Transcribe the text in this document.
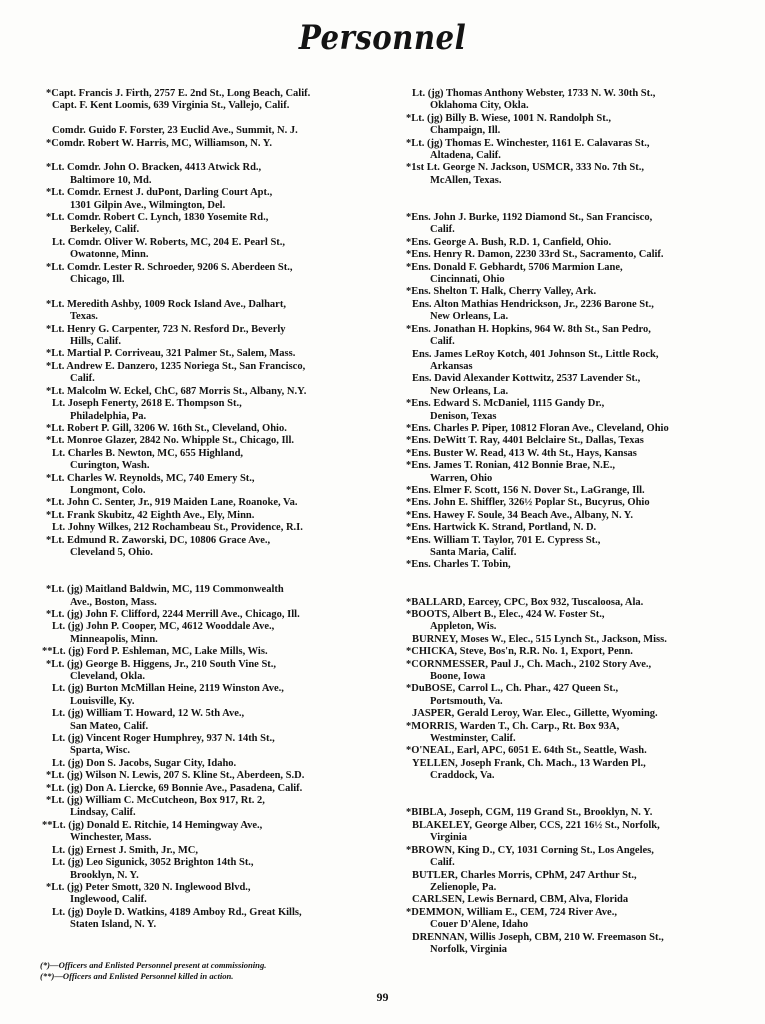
Personnel
*Capt. Francis J. Firth, 2757 E. 2nd St., Long Beach, Calif.
Capt. F. Kent Loomis, 639 Virginia St., Vallejo, Calif.
Comdr. Guido F. Forster, 23 Euclid Ave., Summit, N. J.
*Comdr. Robert W. Harris, MC, Williamson, N. Y.
*Lt. Comdr. John O. Bracken, 4413 Atwick Rd.,
Baltimore 10, Md.
*Lt. Comdr. Ernest J. duPont, Darling Court Apt.,
1301 Gilpin Ave., Wilmington, Del.
*Lt. Comdr. Robert C. Lynch, 1830 Yosemite Rd.,
Berkeley, Calif.
Lt. Comdr. Oliver W. Roberts, MC, 204 E. Pearl St.,
Owatonne, Minn.
*Lt. Comdr. Lester R. Schroeder, 9206 S. Aberdeen St.,
Chicago, Ill.
*Lt. Meredith Ashby, 1009 Rock Island Ave., Dalhart,
Texas.
*Lt. Henry G. Carpenter, 723 N. Resford Dr., Beverly
Hills, Calif.
*Lt. Martial P. Corriveau, 321 Palmer St., Salem, Mass.
*Lt. Andrew E. Danzero, 1235 Noriega St., San Francisco,
Calif.
*Lt. Malcolm W. Eckel, ChC, 687 Morris St., Albany, N.Y.
Lt. Joseph Fenerty, 2618 E. Thompson St.,
Philadelphia, Pa.
*Lt. Robert P. Gill, 3206 W. 16th St., Cleveland, Ohio.
*Lt. Monroe Glazer, 2842 No. Whipple St., Chicago, Ill.
Lt. Charles B. Newton, MC, 655 Highland,
Curington, Wash.
*Lt. Charles W. Reynolds, MC, 740 Emery St.,
Longmont, Colo.
*Lt. John C. Senter, Jr., 919 Maiden Lane, Roanoke, Va.
*Lt. Frank Skubitz, 42 Eighth Ave., Ely, Minn.
Lt. Johny Wilkes, 212 Rochambeau St., Providence, R.I.
*Lt. Edmund R. Zaworski, DC, 10806 Grace Ave.,
Cleveland 5, Ohio.
*Lt. (jg) Maitland Baldwin, MC, 119 Commonwealth
Ave., Boston, Mass.
*Lt. (jg) John F. Clifford, 2244 Merrill Ave., Chicago, Ill.
Lt. (jg) John P. Cooper, MC, 4612 Wooddale Ave.,
Minneapolis, Minn.
**Lt. (jg) Ford P. Eshleman, MC, Lake Mills, Wis.
*Lt. (jg) George B. Higgens, Jr., 210 South Vine St.,
Cleveland, Okla.
Lt. (jg) Burton McMillan Heine, 2119 Winston Ave.,
Louisville, Ky.
Lt. (jg) William T. Howard, 12 W. 5th Ave.,
San Mateo, Calif.
Lt. (jg) Vincent Roger Humphrey, 937 N. 14th St.,
Sparta, Wisc.
Lt. (jg) Don S. Jacobs, Sugar City, Idaho.
*Lt. (jg) Wilson N. Lewis, 207 S. Kline St., Aberdeen, S.D.
*Lt. (jg) Don A. Liercke, 69 Bonnie Ave., Pasadena, Calif.
*Lt. (jg) William C. McCutcheon, Box 917, Rt. 2,
Lindsay, Calif.
**Lt. (jg) Donald E. Ritchie, 14 Hemingway Ave.,
Winchester, Mass.
Lt. (jg) Ernest J. Smith, Jr., MC,
Lt. (jg) Leo Sigunick, 3052 Brighton 14th St.,
Brooklyn, N. Y.
*Lt. (jg) Peter Smott, 320 N. Inglewood Blvd.,
Inglewood, Calif.
Lt. (jg) Doyle D. Watkins, 4189 Amboy Rd., Great Kills,
Staten Island, N. Y.
Lt. (jg) Thomas Anthony Webster, 1733 N. W. 30th St.,
Oklahoma City, Okla.
*Lt. (jg) Billy B. Wiese, 1001 N. Randolph St.,
Champaign, Ill.
*Lt. (jg) Thomas E. Winchester, 1161 E. Calavaras St.,
Altadena, Calif.
*1st Lt. George N. Jackson, USMCR, 333 No. 7th St.,
McAllen, Texas.
*Ens. John J. Burke, 1192 Diamond St., San Francisco,
Calif.
*Ens. George A. Bush, R.D. 1, Canfield, Ohio.
*Ens. Henry R. Damon, 2230 33rd St., Sacramento, Calif.
*Ens. Donald F. Gebhardt, 5706 Marmion Lane,
Cincinnati, Ohio
*Ens. Shelton T. Halk, Cherry Valley, Ark.
Ens. Alton Mathias Hendrickson, Jr., 2236 Barone St.,
New Orleans, La.
*Ens. Jonathan H. Hopkins, 964 W. 8th St., San Pedro,
Calif.
Ens. James LeRoy Kotch, 401 Johnson St., Little Rock,
Arkansas
Ens. David Alexander Kottwitz, 2537 Lavender St.,
New Orleans, La.
*Ens. Edward S. McDaniel, 1115 Gandy Dr.,
Denison, Texas
*Ens. Charles P. Piper, 10812 Floran Ave., Cleveland, Ohio
*Ens. DeWitt T. Ray, 4401 Belclaire St., Dallas, Texas
*Ens. Buster W. Read, 413 W. 4th St., Hays, Kansas
*Ens. James T. Ronian, 412 Bonnie Brae, N.E.,
Warren, Ohio
*Ens. Elmer F. Scott, 156 N. Dover St., LaGrange, Ill.
*Ens. John E. Shiffler, 326½ Poplar St., Bucyrus, Ohio
*Ens. Hawey F. Soule, 34 Beach Ave., Albany, N. Y.
*Ens. Hartwick K. Strand, Portland, N. D.
*Ens. William T. Taylor, 701 E. Cypress St.,
Santa Maria, Calif.
*Ens. Charles T. Tobin,
*BALLARD, Earcey, CPC, Box 932, Tuscaloosa, Ala.
*BOOTS, Albert B., Elec., 424 W. Foster St.,
Appleton, Wis.
BURNEY, Moses W., Elec., 515 Lynch St., Jackson, Miss.
*CHICKA, Steve, Bos'n, R.R. No. 1, Export, Penn.
*CORNMESSER, Paul J., Ch. Mach., 2102 Story Ave.,
Boone, Iowa
*DuBOSE, Carrol L., Ch. Phar., 427 Queen St.,
Portsmouth, Va.
JASPER, Gerald Leroy, War. Elec., Gillette, Wyoming.
*MORRIS, Warden T., Ch. Carp., Rt. Box 93A,
Westminster, Calif.
*O'NEAL, Earl, APC, 6051 E. 64th St., Seattle, Wash.
YELLEN, Joseph Frank, Ch. Mach., 13 Warden Pl.,
Craddock, Va.
*BIBLA, Joseph, CGM, 119 Grand St., Brooklyn, N. Y.
BLAKELEY, George Alber, CCS, 221 16½ St., Norfolk,
Virginia
*BROWN, King D., CY, 1031 Corning St., Los Angeles,
Calif.
BUTLER, Charles Morris, CPhM, 247 Arthur St.,
Zelienople, Pa.
CARLSEN, Lewis Bernard, CBM, Alva, Florida
*DEMMON, William E., CEM, 724 River Ave.,
Couer D'Alene, Idaho
DRENNAN, Willis Joseph, CBM, 210 W. Freemason St.,
Norfolk, Virginia
(*)—Officers and Enlisted Personnel present at commissioning.
(**)—Officers and Enlisted Personnel killed in action.
99
